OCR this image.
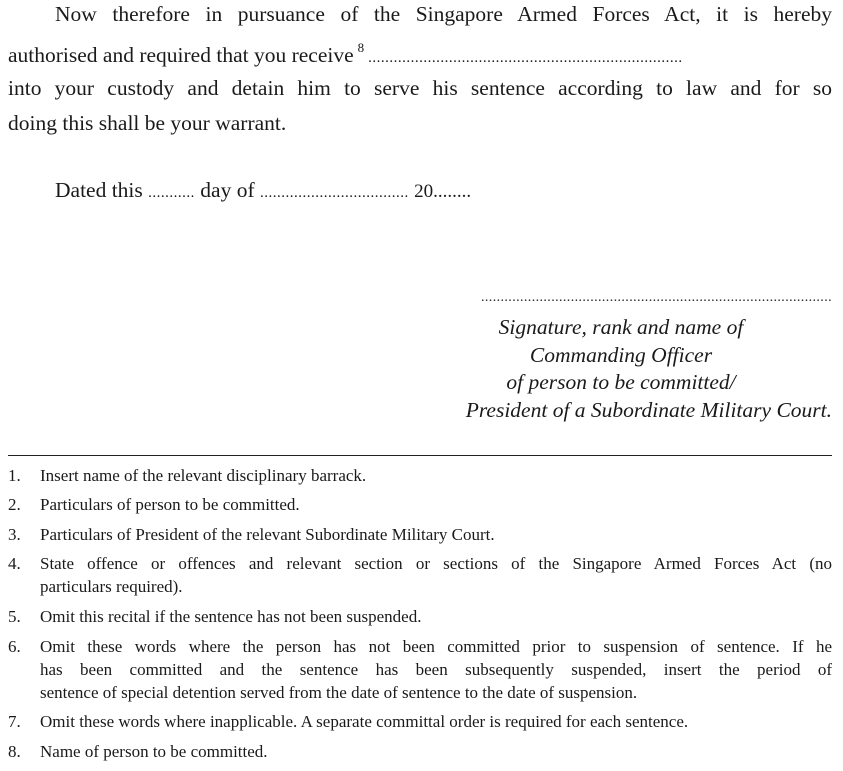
Now therefore in pursuance of the Singapore Armed Forces Act, it is hereby
authorised and required that you receive $^8$..........................................................................
into your custody and detain him to serve his sentence according to law and for so
doing this shall be your warrant.
Dated this ........... day of ................................... 20........
..........................................................................................
Signature, rank and name of
Commanding Officer
of person to be committed/
President of a Subordinate Military Court.
1.	Insert name of the relevant disciplinary barrack.
2.	Particulars of person to be committed.
3.	Particulars of President of the relevant Subordinate Military Court.
4.	State offence or offences and relevant section or sections of the Singapore Armed Forces Act (no
particulars required).
5.	Omit this recital if the sentence has not been suspended.
6.	Omit these words where the person has not been committed prior to suspension of sentence. If he
has been committed and the sentence has been subsequently suspended, insert the period of
sentence of special detention served from the date of sentence to the date of suspension.
7.	Omit these words where inapplicable. A separate committal order is required for each sentence.
8.	Name of person to be committed.
